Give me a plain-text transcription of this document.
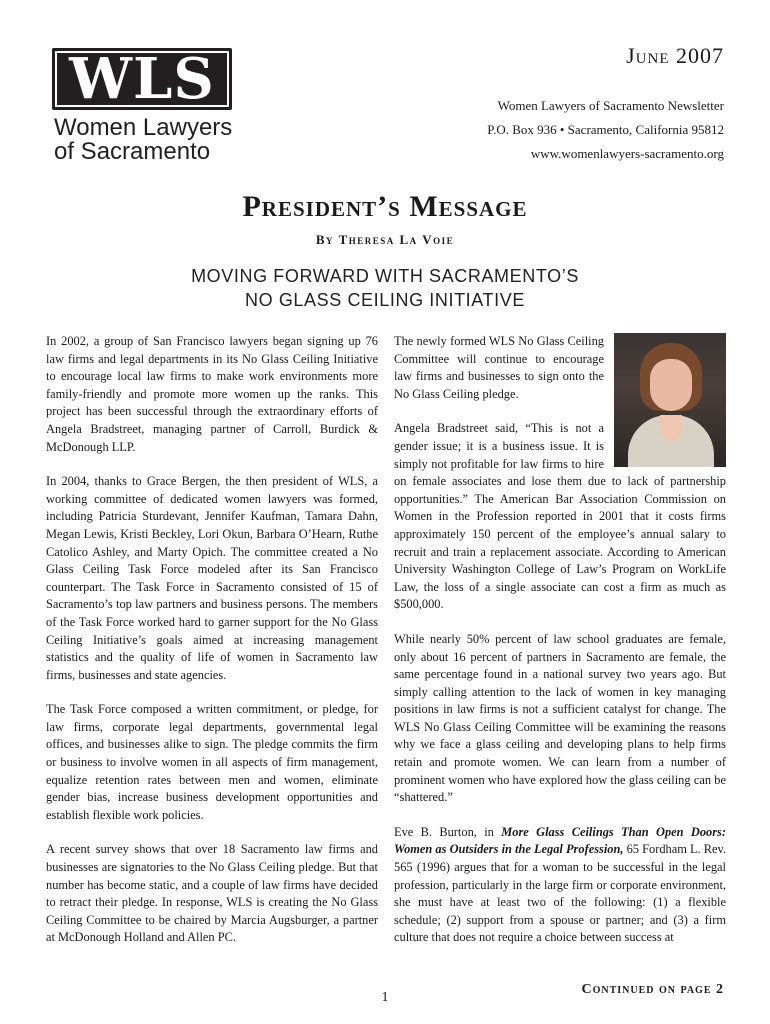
WLS
Women Lawyers
of Sacramento
June 2007
Women Lawyers of Sacramento Newsletter
P.O. Box 936 • Sacramento, California 95812
www.womenlawyers-sacramento.org
President’s Message
By Theresa La Voie
MOVING FORWARD WITH SACRAMENTO’S
NO GLASS CEILING INITIATIVE

In 2002, a group of San Francisco lawyers began signing up 76 law firms and legal departments in its No Glass Ceiling Initiative to encourage local law firms to make work environments more family-friendly and promote more women up the ranks. This project has been successful through the extraordinary efforts of Angela Bradstreet, managing partner of Carroll, Burdick & McDonough LLP.

In 2004, thanks to Grace Bergen, the then president of WLS, a working committee of dedicated women lawyers was formed, including Patricia Sturdevant, Jennifer Kaufman, Tamara Dahn, Megan Lewis, Kristi Beckley, Lori Okun, Barbara O’Hearn, Ruthe Catolico Ashley, and Marty Opich. The committee created a No Glass Ceiling Task Force modeled after its San Francisco counterpart. The Task Force in Sacramento consisted of 15 of Sacramento’s top law partners and business persons. The members of the Task Force worked hard to garner support for the No Glass Ceiling Initiative’s goals aimed at increasing management statistics and the quality of life of women in Sacramento law firms, businesses and state agencies.

The Task Force composed a written commitment, or pledge, for law firms, corporate legal departments, governmental legal offices, and businesses alike to sign. The pledge commits the firm or business to involve women in all aspects of firm management, equalize retention rates between men and women, eliminate gender bias, increase business development opportunities and establish flexible work policies.

A recent survey shows that over 18 Sacramento law firms and businesses are signatories to the No Glass Ceiling pledge. But that number has become static, and a couple of law firms have decided to retract their pledge. In response, WLS is creating the No Glass Ceiling Committee to be chaired by Marcia Augsburger, a partner at McDonough Holland and Allen PC.

The newly formed WLS No Glass Ceiling Committee will continue to encourage law firms and businesses to sign onto the No Glass Ceiling pledge.

Angela Bradstreet said, “This is not a gender issue; it is a business issue. It is simply not profitable for law firms to hire on female associates and lose them due to lack of partnership opportunities.” The American Bar Association Commission on Women in the Profession reported in 2001 that it costs firms approximately 150 percent of the employee’s annual salary to recruit and train a replacement associate. According to American University Washington College of Law’s Program on WorkLife Law, the loss of a single associate can cost a firm as much as $500,000.

While nearly 50% percent of law school graduates are female, only about 16 percent of partners in Sacramento are female, the same percentage found in a national survey two years ago. But simply calling attention to the lack of women in key managing positions in law firms is not a sufficient catalyst for change. The WLS No Glass Ceiling Committee will be examining the reasons why we face a glass ceiling and developing plans to help firms retain and promote women. We can learn from a number of prominent women who have explored how the glass ceiling can be “shattered.”

Eve B. Burton, in More Glass Ceilings Than Open Doors: Women as Outsiders in the Legal Profession, 65 Fordham L. Rev. 565 (1996) argues that for a woman to be successful in the legal profession, particularly in the large firm or corporate environment, she must have at least two of the following: (1) a flexible schedule; (2) support from a spouse or partner; and (3) a firm culture that does not require a choice between success at

Continued on page 2
1
